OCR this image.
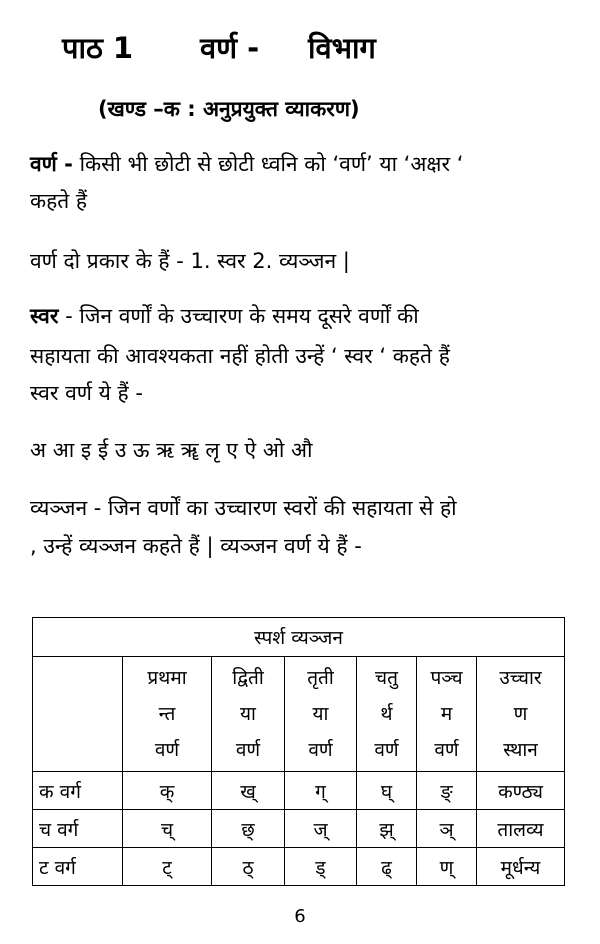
पाठ 1 वर्ण - विभाग

(खण्ड –क : अनुप्रयुक्त व्याकरण)

वर्ण - किसी भी छोटी से छोटी ध्वनि को ‘वर्ण’ या ‘अक्षर ‘

कहते हैं

वर्ण दो प्रकार के हैं - 1. स्वर 2. व्यञ्जन |

स्वर - जिन वर्णों के उच्चारण के समय दूसरे वर्णों की

सहायता की आवश्यकता नहीं होती उन्हें ‘ स्वर ‘ कहते हैं

स्वर वर्ण ये हैं -

अ आ इ ई उ ऊ ऋ ॠ लृ ए ऐ ओ औ

व्यञ्जन - जिन वर्णों का उच्चारण स्वरों की सहायता से हो

, उन्हें व्यञ्जन कहते हैं | व्यञ्जन वर्ण ये हैं -

स्पर्श व्यञ्जन						
	प्रथमा
न्त
वर्ण	द्विती
या
वर्ण	तृती
या
वर्ण	चतु
र्थ
वर्ण	पञ्च
म
वर्ण	उच्चार
ण
स्थान
क वर्ग	क्	ख्	ग्	घ्	ङ्	कण्ठ्य
च वर्ग	च्	छ्	ज्	झ्	ञ्	तालव्य
ट वर्ग	ट्	ठ्	ड्	ढ्	ण्	मूर्धन्य

6
